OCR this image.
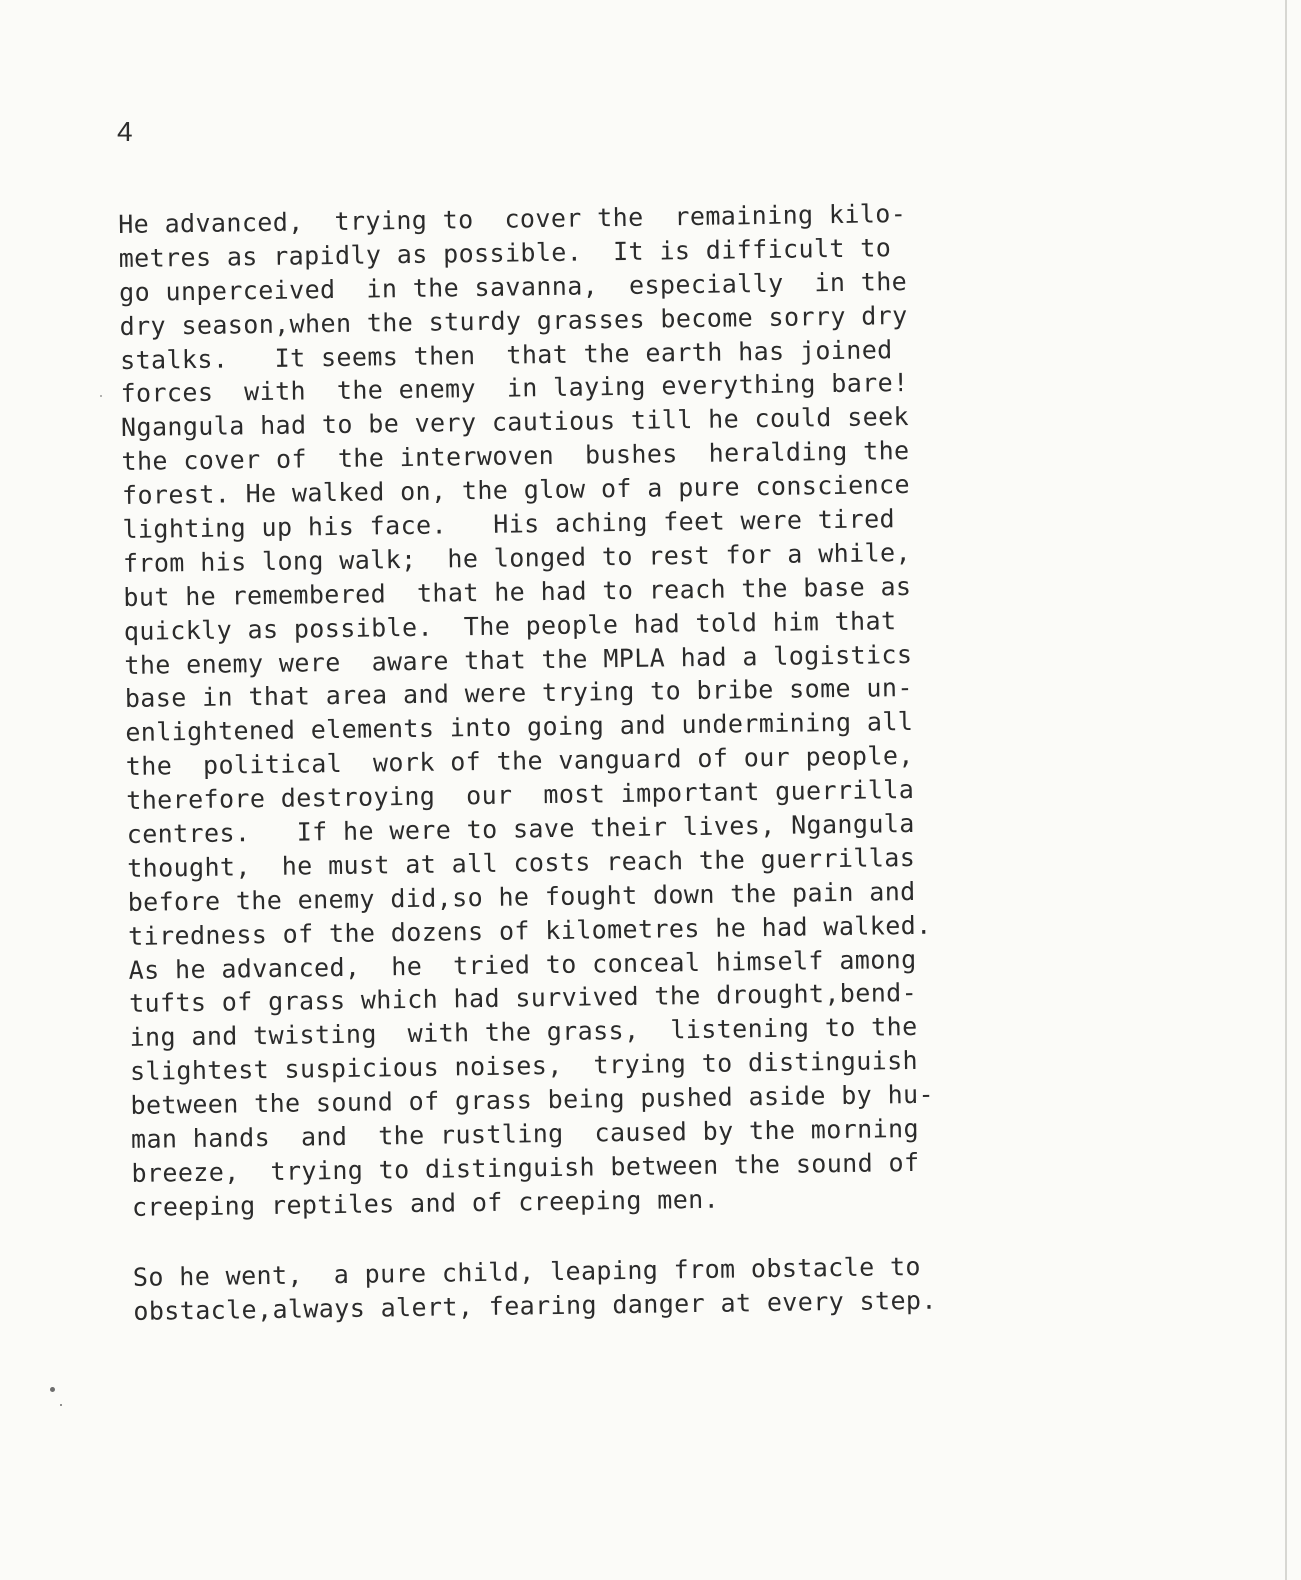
4

He advanced,  trying to  cover the  remaining kilo-

metres as rapidly as possible.  It is difficult to

go unperceived  in the savanna,  especially  in the

dry season,when the sturdy grasses become sorry dry

stalks.   It seems then  that the earth has joined

forces  with  the enemy  in laying everything bare!

Ngangula had to be very cautious till he could seek

the cover of  the interwoven  bushes  heralding the

forest. He walked on, the glow of a pure conscience

lighting up his face.   His aching feet were tired

from his long walk;  he longed to rest for a while,

but he remembered  that he had to reach the base as

quickly as possible.  The people had told him that

the enemy were  aware that the MPLA had a logistics

base in that area and were trying to bribe some un-

enlightened elements into going and undermining all

the  political  work of the vanguard of our people,

therefore destroying  our  most important guerrilla

centres.   If he were to save their lives, Ngangula

thought,  he must at all costs reach the guerrillas

before the enemy did,so he fought down the pain and

tiredness of the dozens of kilometres he had walked.

As he advanced,  he  tried to conceal himself among

tufts of grass which had survived the drought,bend-

ing and twisting  with the grass,  listening to the

slightest suspicious noises,  trying to distinguish

between the sound of grass being pushed aside by hu-

man hands  and  the rustling  caused by the morning

breeze,  trying to distinguish between the sound of

creeping reptiles and of creeping men.

So he went,  a pure child, leaping from obstacle to

obstacle,always alert, fearing danger at every step.
